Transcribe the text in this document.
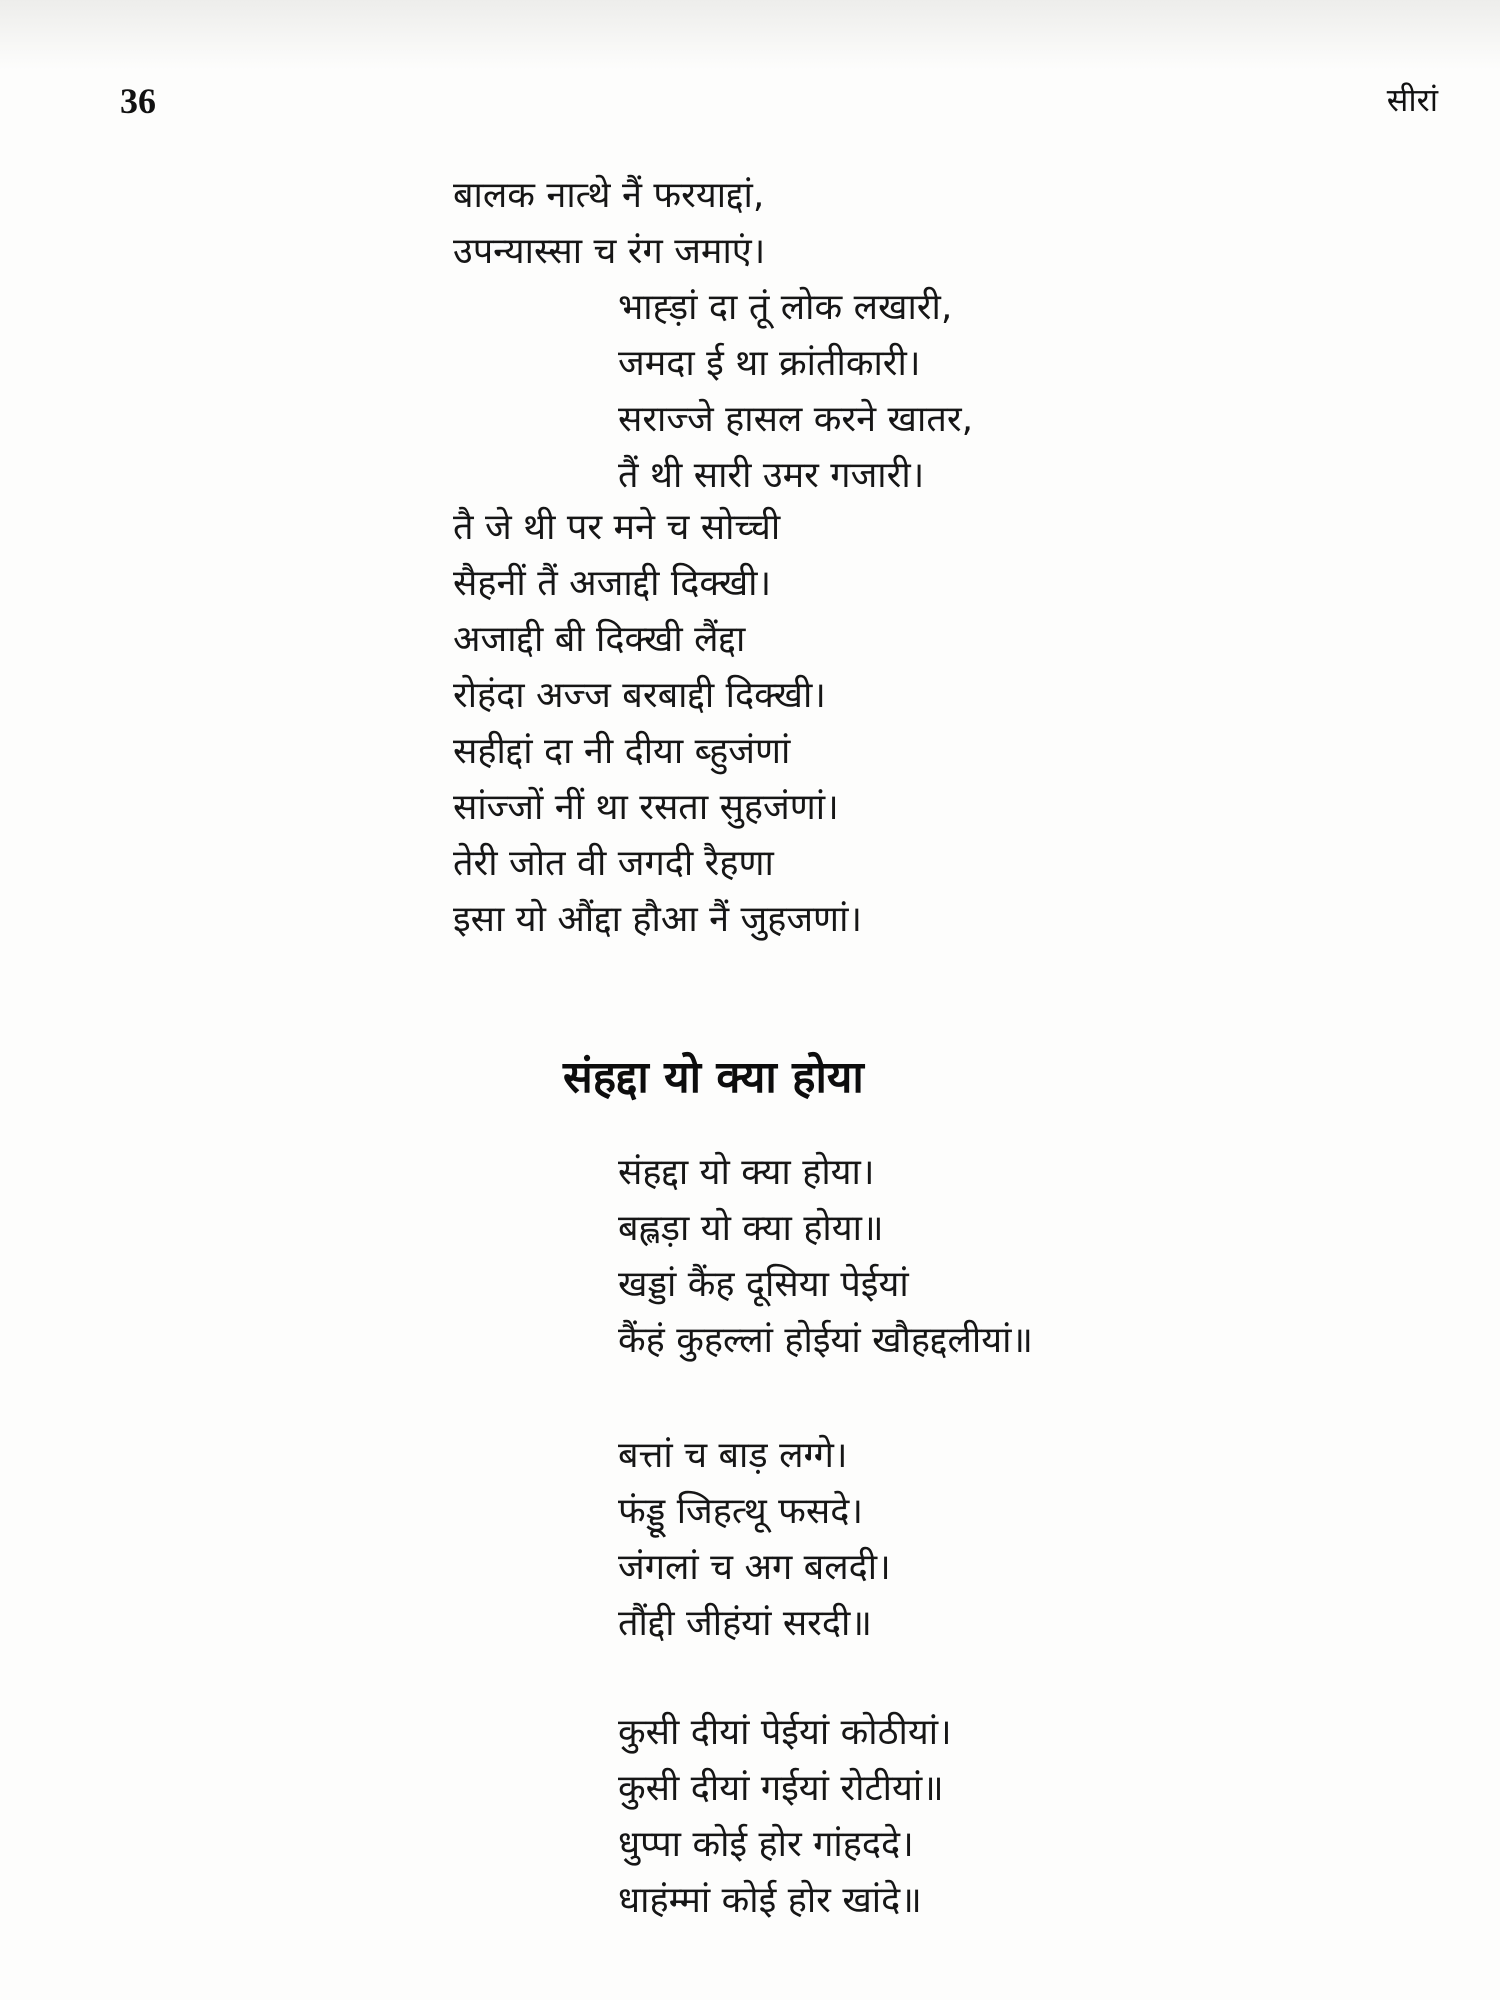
36	सीरां
बालक नात्थे नैं फरयाद्दां,
उपन्यास्सा च रंग जमाएं।
भाह्ड़ां दा तूं लोक लखारी,
जमदा ई था क्रांतीकारी।
सराज्जे हासल करने खातर,
तैं थी सारी उमर गजारी।
तै जे थी पर मने च सोच्ची
सैहनीं तैं अजाद्दी दिक्खी।
अजाद्दी बी दिक्खी लैंद्दा
रोहंदा अज्ज बरबाद्दी दिक्खी।
सहीद्दां दा नी दीया ब्हुजंणां
सांज्जों नीं था रसता सुहजंणां।
तेरी जोत वी जगदी रैहणा
इसा यो औंद्दा हौआ नैं जुहजणां।
संहद्दा यो क्या होया
संहद्दा यो क्या होया।
बह्लड़ा यो क्या होया॥
खड्डां कैंह दूसिया पेईयां
कैंहं कुहल्लां होईयां खौहद्दलीयां॥
बत्तां च बाड़ लग्गे।
फंड्डू जिहत्थू फसदे।
जंगलां च अग बलदी।
तौंद्दी जीहंयां सरदी॥
कुसी दीयां पेईयां कोठीयां।
कुसी दीयां गईयां रोटीयां॥
धुप्पा कोई होर गांहददे।
धाहंम्मां कोई होर खांदे॥
